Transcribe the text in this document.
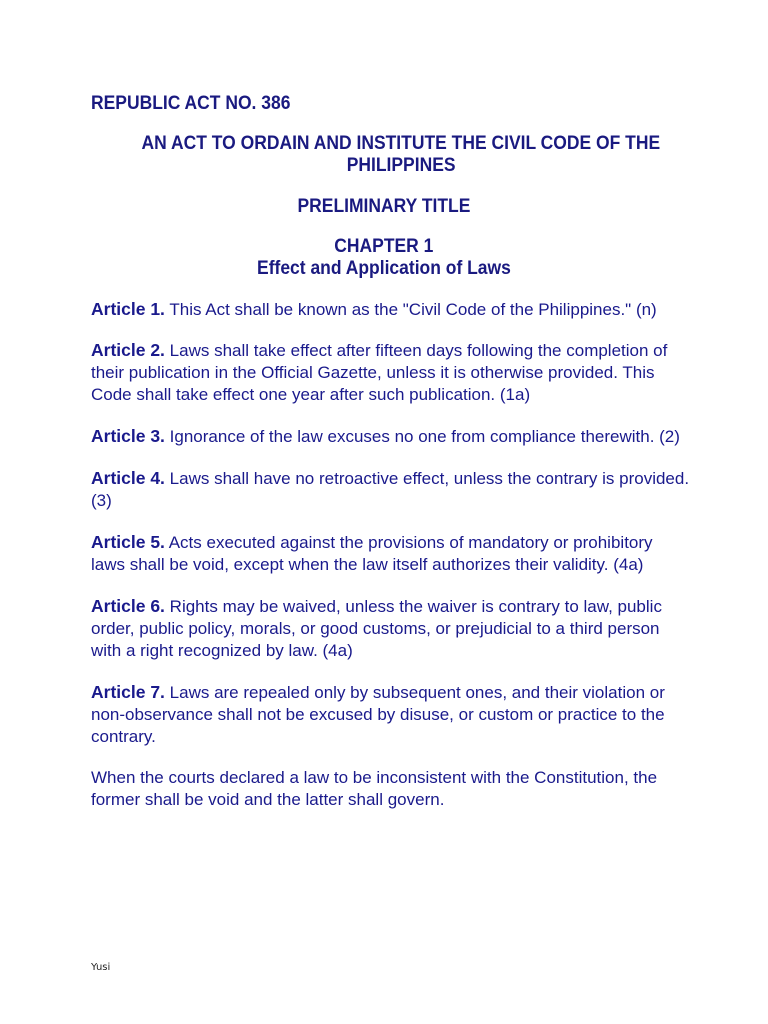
REPUBLIC ACT NO. 386
AN ACT TO ORDAIN AND INSTITUTE THE CIVIL CODE OF THE
PHILIPPINES
PRELIMINARY TITLE
CHAPTER 1
Effect and Application of Laws

Article 1. This Act shall be known as the "Civil Code of the Philippines." (n)

Article 2. Laws shall take effect after fifteen days following the completion of their publication in the Official Gazette, unless it is otherwise provided. This Code shall take effect one year after such publication. (1a)

Article 3. Ignorance of the law excuses no one from compliance therewith. (2)

Article 4. Laws shall have no retroactive effect, unless the contrary is provided. (3)

Article 5. Acts executed against the provisions of mandatory or prohibitory laws shall be void, except when the law itself authorizes their validity. (4a)

Article 6. Rights may be waived, unless the waiver is contrary to law, public order, public policy, morals, or good customs, or prejudicial to a third person with a right recognized by law. (4a)

Article 7. Laws are repealed only by subsequent ones, and their violation or non-observance shall not be excused by disuse, or custom or practice to the contrary.

When the courts declared a law to be inconsistent with the Constitution, the former shall be void and the latter shall govern.

Yusi
